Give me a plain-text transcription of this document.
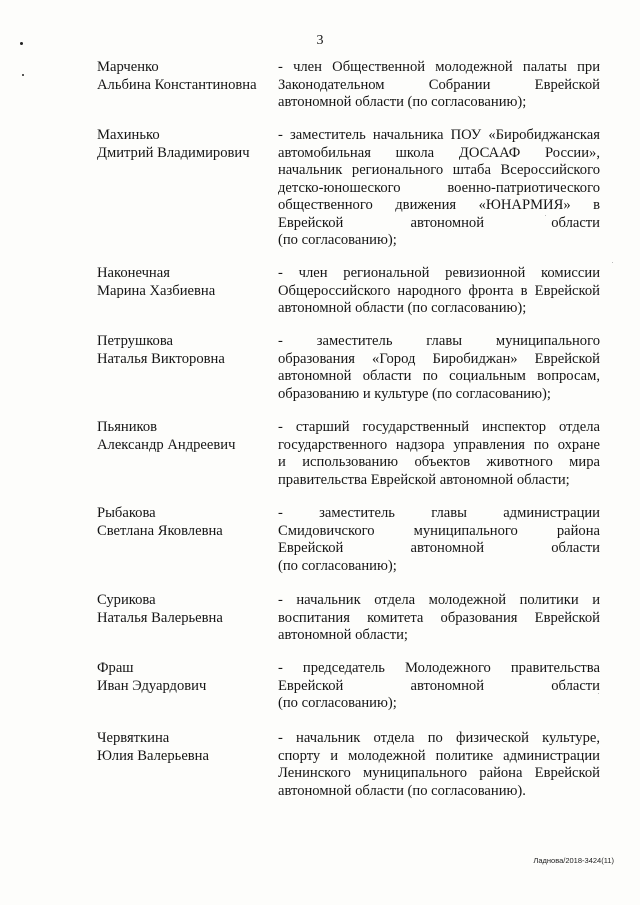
3
Марченко
Альбина Константиновна
- член Общественной молодежной палаты при
Законодательном Собрании Еврейской
автономной области (по согласованию);
Махинько
Дмитрий Владимирович
- заместитель начальника ПОУ «Биробиджанская
автомобильная школа ДОСААФ России»,
начальник регионального штаба Всероссийского
детско-юношеского военно-патриотического
общественного движения «ЮНАРМИЯ» в
Еврейской автономной области
(по согласованию);
Наконечная
Марина Хазбиевна
- член региональной ревизионной комиссии
Общероссийского народного фронта в Еврейской
автономной области (по согласованию);
Петрушкова
Наталья Викторовна
- заместитель главы муниципального
образования «Город Биробиджан» Еврейской
автономной области по социальным вопросам,
образованию и культуре (по согласованию);
Пьяников
Александр Андреевич
- старший государственный инспектор отдела
государственного надзора управления по охране
и использованию объектов животного мира
правительства Еврейской автономной области;
Рыбакова
Светлана Яковлевна
- заместитель главы администрации
Смидовичского муниципального района
Еврейской автономной области
(по согласованию);
Сурикова
Наталья Валерьевна
- начальник отдела молодежной политики и
воспитания комитета образования Еврейской
автономной области;
Фраш
Иван Эдуардович
- председатель Молодежного правительства
Еврейской автономной области
(по согласованию);
Червяткина
Юлия Валерьевна
- начальник отдела по физической культуре,
спорту и молодежной политике администрации
Ленинского муниципального района Еврейской
автономной области (по согласованию).
Ладнова/2018-3424(11)
